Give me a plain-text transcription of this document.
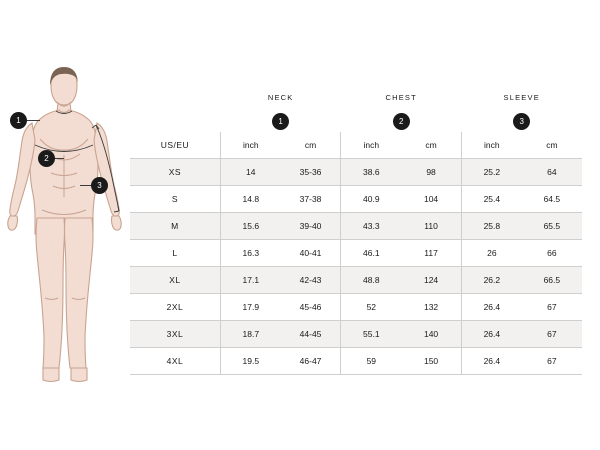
1
2
3
	NECK		CHEST		SLEEVE	
	1		2		3	
US/EU	inch	cm	inch	cm	inch	cm
XS	14	35-36	38.6	98	25.2	64
S	14.8	37-38	40.9	104	25.4	64.5
M	15.6	39-40	43.3	110	25.8	65.5
L	16.3	40-41	46.1	117	26	66
XL	17.1	42-43	48.8	124	26.2	66.5
2XL	17.9	45-46	52	132	26.4	67
3XL	18.7	44-45	55.1	140	26.4	67
4XL	19.5	46-47	59	150	26.4	67
